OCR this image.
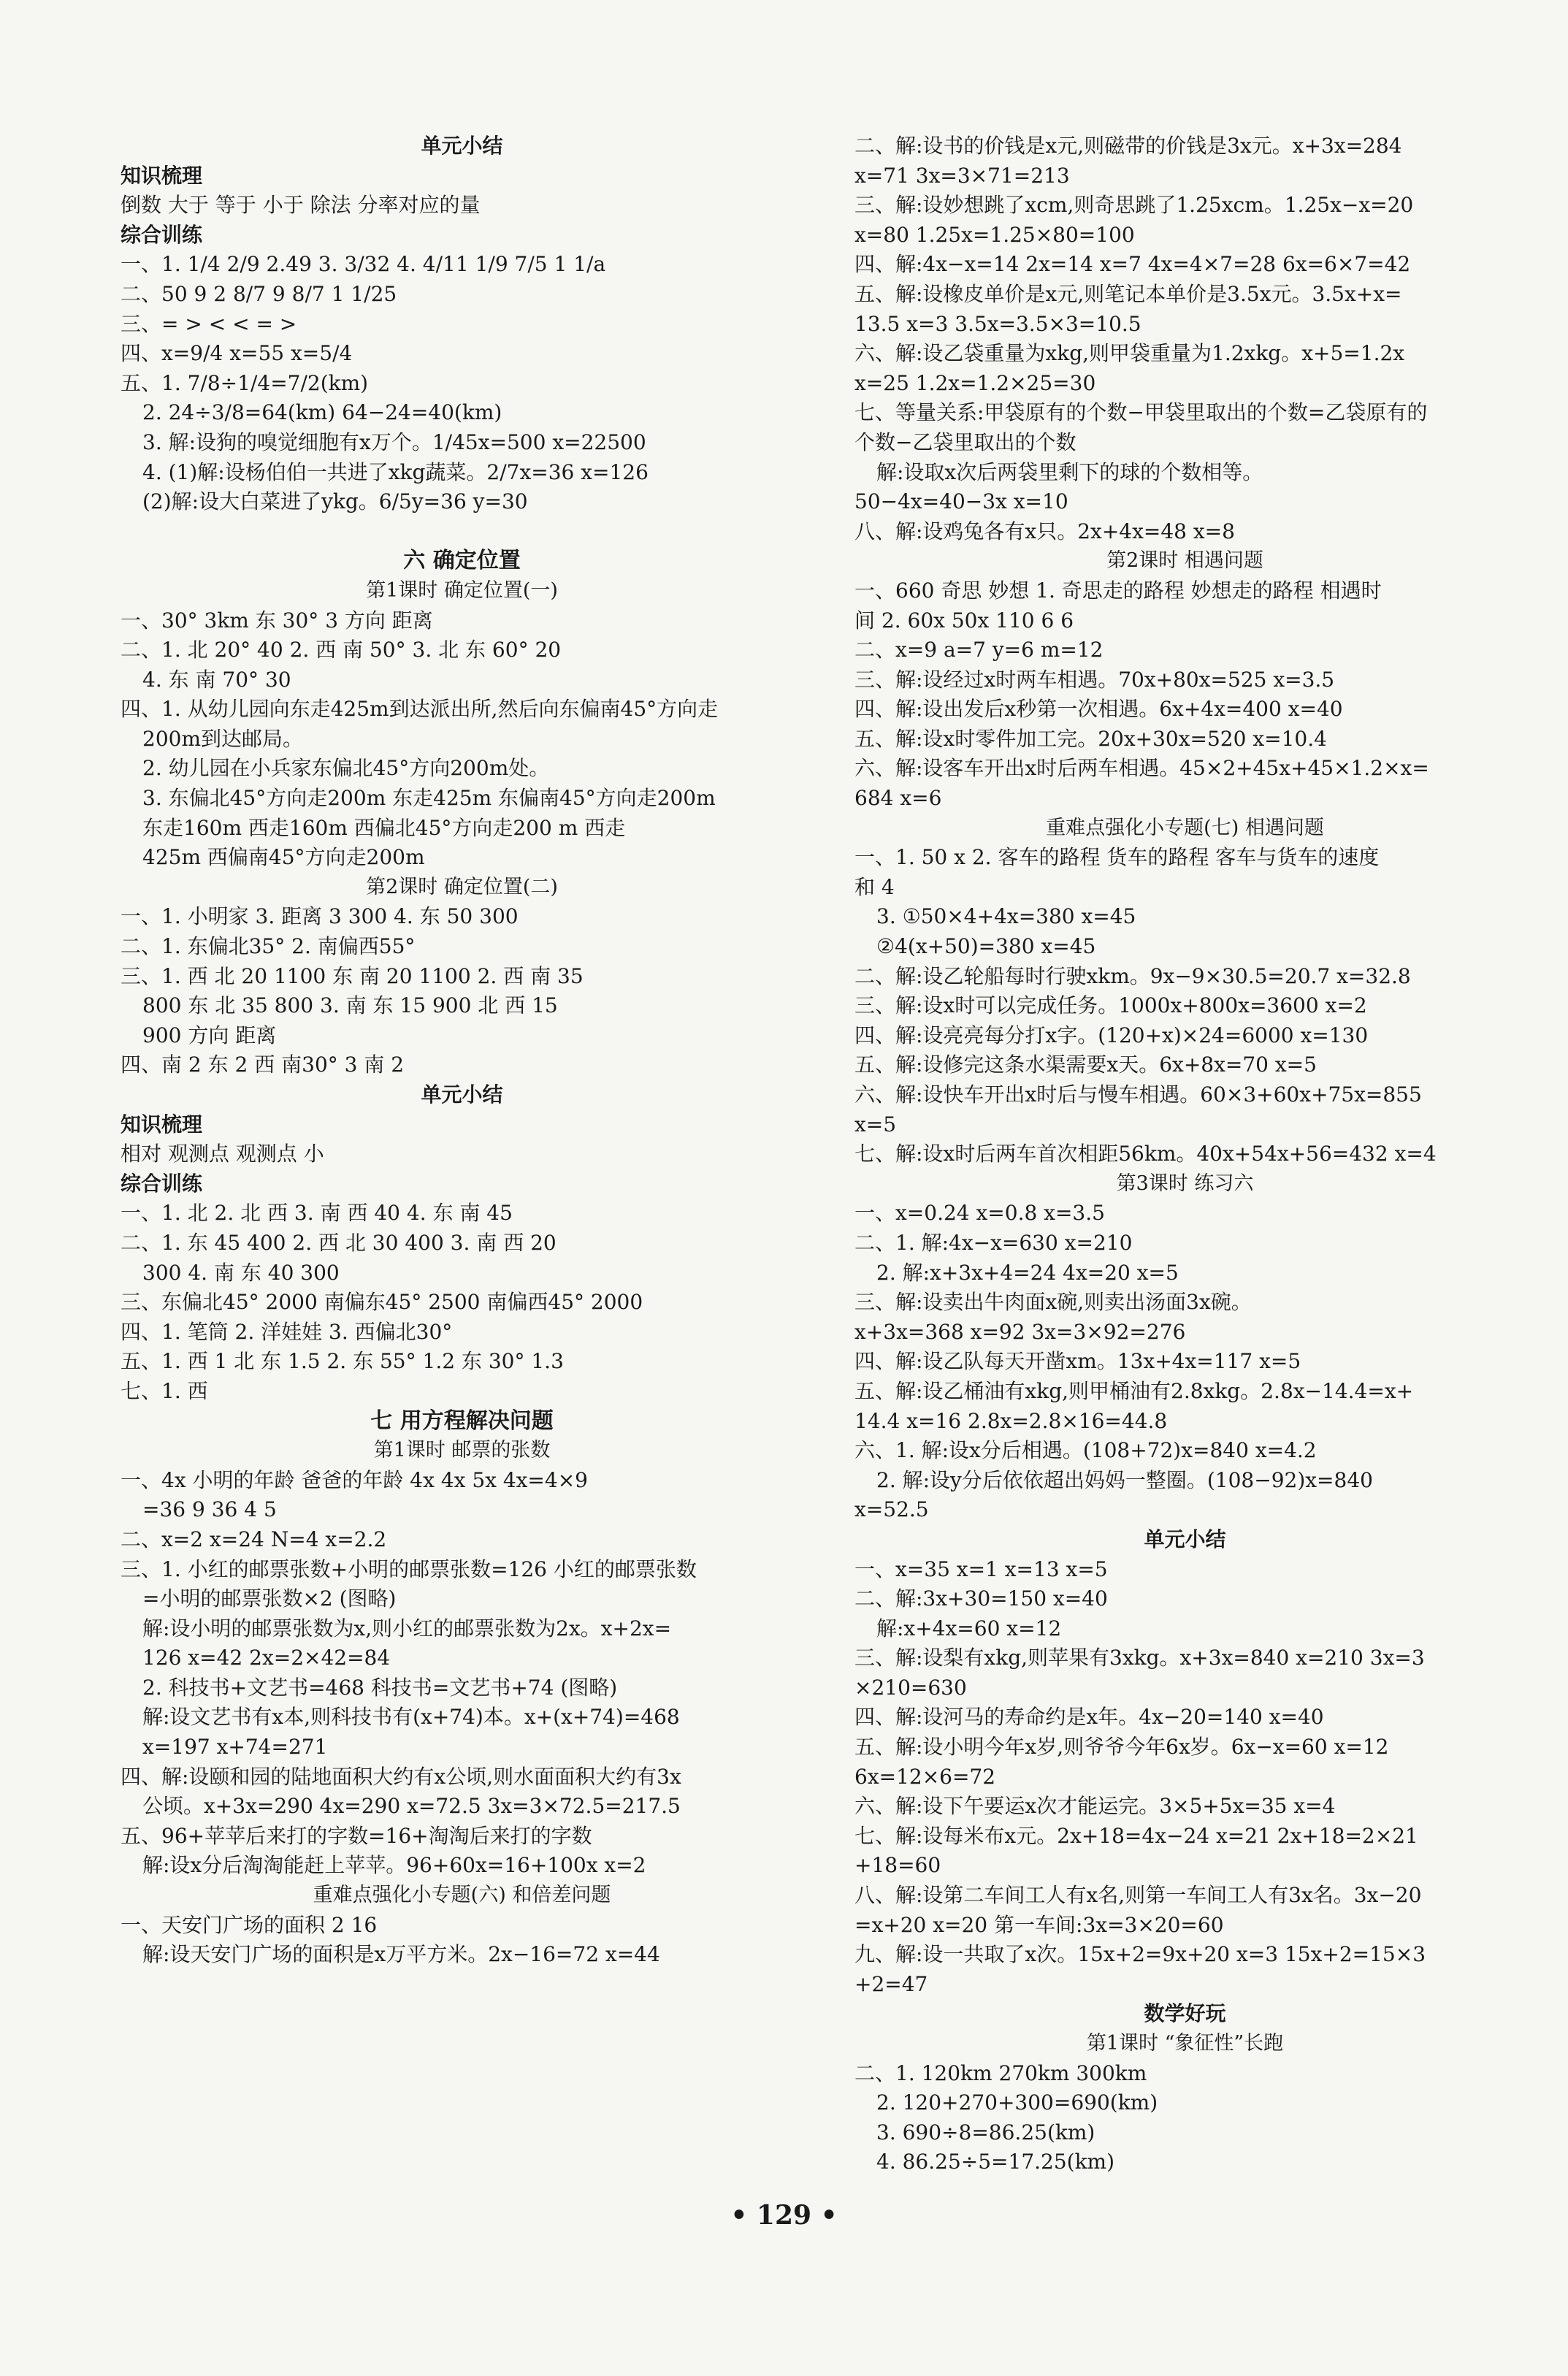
单元小结
知识梳理
倒数 大于 等于 小于 除法 分率对应的量
综合训练
一、1. 1/4 2/9 2.49 3. 3/32 4. 4/11 1/9 7/5 1 1/a
二、50 9 2 8/7 9 8/7 1 1/25
三、= > < < = >
四、x=9/4 x=55 x=5/4
五、1. 7/8÷1/4=7/2(km)
2. 24÷3/8=64(km) 64−24=40(km)
3. 解:设狗的嗅觉细胞有x万个。1/45x=500 x=22500
4. (1)解:设杨伯伯一共进了xkg蔬菜。2/7x=36 x=126
(2)解:设大白菜进了ykg。6/5y=36 y=30
六 确定位置
第1课时 确定位置(一)
一、30° 3km 东 30° 3 方向 距离
二、1. 北 20° 40 2. 西 南 50° 3. 北 东 60° 20
4. 东 南 70° 30
四、1. 从幼儿园向东走425m到达派出所,然后向东偏南45°方向走
200m到达邮局。
2. 幼儿园在小兵家东偏北45°方向200m处。
3. 东偏北45°方向走200m 东走425m 东偏南45°方向走200m
东走160m 西走160m 西偏北45°方向走200 m 西走
425m 西偏南45°方向走200m
第2课时 确定位置(二)
一、1. 小明家 3. 距离 3 300 4. 东 50 300
二、1. 东偏北35° 2. 南偏西55°
三、1. 西 北 20 1100 东 南 20 1100 2. 西 南 35
800 东 北 35 800 3. 南 东 15 900 北 西 15
900 方向 距离
四、南 2 东 2 西 南30° 3 南 2
单元小结
知识梳理
相对 观测点 观测点 小
综合训练
一、1. 北 2. 北 西 3. 南 西 40 4. 东 南 45
二、1. 东 45 400 2. 西 北 30 400 3. 南 西 20
300 4. 南 东 40 300
三、东偏北45° 2000 南偏东45° 2500 南偏西45° 2000
四、1. 笔筒 2. 洋娃娃 3. 西偏北30°
五、1. 西 1 北 东 1.5 2. 东 55° 1.2 东 30° 1.3
七、1. 西
七 用方程解决问题
第1课时 邮票的张数
一、4x 小明的年龄 爸爸的年龄 4x 4x 5x 4x=4×9
=36 9 36 4 5
二、x=2 x=24 N=4 x=2.2
三、1. 小红的邮票张数+小明的邮票张数=126 小红的邮票张数
=小明的邮票张数×2 (图略)
解:设小明的邮票张数为x,则小红的邮票张数为2x。x+2x=
126 x=42 2x=2×42=84
2. 科技书+文艺书=468 科技书=文艺书+74 (图略)
解:设文艺书有x本,则科技书有(x+74)本。x+(x+74)=468
x=197 x+74=271
四、解:设颐和园的陆地面积大约有x公顷,则水面面积大约有3x
公顷。x+3x=290 4x=290 x=72.5 3x=3×72.5=217.5
五、96+苹苹后来打的字数=16+淘淘后来打的字数
解:设x分后淘淘能赶上苹苹。96+60x=16+100x x=2
重难点强化小专题(六) 和倍差问题
一、天安门广场的面积 2 16
解:设天安门广场的面积是x万平方米。2x−16=72 x=44
二、解:设书的价钱是x元,则磁带的价钱是3x元。x+3x=284
x=71 3x=3×71=213
三、解:设妙想跳了xcm,则奇思跳了1.25xcm。1.25x−x=20
x=80 1.25x=1.25×80=100
四、解:4x−x=14 2x=14 x=7 4x=4×7=28 6x=6×7=42
五、解:设橡皮单价是x元,则笔记本单价是3.5x元。3.5x+x=
13.5 x=3 3.5x=3.5×3=10.5
六、解:设乙袋重量为xkg,则甲袋重量为1.2xkg。x+5=1.2x
x=25 1.2x=1.2×25=30
七、等量关系:甲袋原有的个数−甲袋里取出的个数=乙袋原有的
个数−乙袋里取出的个数
解:设取x次后两袋里剩下的球的个数相等。
50−4x=40−3x x=10
八、解:设鸡兔各有x只。2x+4x=48 x=8
第2课时 相遇问题
一、660 奇思 妙想 1. 奇思走的路程 妙想走的路程 相遇时
间 2. 60x 50x 110 6 6
二、x=9 a=7 y=6 m=12
三、解:设经过x时两车相遇。70x+80x=525 x=3.5
四、解:设出发后x秒第一次相遇。6x+4x=400 x=40
五、解:设x时零件加工完。20x+30x=520 x=10.4
六、解:设客车开出x时后两车相遇。45×2+45x+45×1.2×x=
684 x=6
重难点强化小专题(七) 相遇问题
一、1. 50 x 2. 客车的路程 货车的路程 客车与货车的速度
和 4
3. ①50×4+4x=380 x=45
②4(x+50)=380 x=45
二、解:设乙轮船每时行驶xkm。9x−9×30.5=20.7 x=32.8
三、解:设x时可以完成任务。1000x+800x=3600 x=2
四、解:设亮亮每分打x字。(120+x)×24=6000 x=130
五、解:设修完这条水渠需要x天。6x+8x=70 x=5
六、解:设快车开出x时后与慢车相遇。60×3+60x+75x=855
x=5
七、解:设x时后两车首次相距56km。40x+54x+56=432 x=4
第3课时 练习六
一、x=0.24 x=0.8 x=3.5
二、1. 解:4x−x=630 x=210
2. 解:x+3x+4=24 4x=20 x=5
三、解:设卖出牛肉面x碗,则卖出汤面3x碗。
x+3x=368 x=92 3x=3×92=276
四、解:设乙队每天开凿xm。13x+4x=117 x=5
五、解:设乙桶油有xkg,则甲桶油有2.8xkg。2.8x−14.4=x+
14.4 x=16 2.8x=2.8×16=44.8
六、1. 解:设x分后相遇。(108+72)x=840 x=4.2
2. 解:设y分后依依超出妈妈一整圈。(108−92)x=840
x=52.5
单元小结
一、x=35 x=1 x=13 x=5
二、解:3x+30=150 x=40
解:x+4x=60 x=12
三、解:设梨有xkg,则苹果有3xkg。x+3x=840 x=210 3x=3
×210=630
四、解:设河马的寿命约是x年。4x−20=140 x=40
五、解:设小明今年x岁,则爷爷今年6x岁。6x−x=60 x=12
6x=12×6=72
六、解:设下午要运x次才能运完。3×5+5x=35 x=4
七、解:设每米布x元。2x+18=4x−24 x=21 2x+18=2×21
+18=60
八、解:设第二车间工人有x名,则第一车间工人有3x名。3x−20
=x+20 x=20 第一车间:3x=3×20=60
九、解:设一共取了x次。15x+2=9x+20 x=3 15x+2=15×3
+2=47
数学好玩
第1课时 “象征性”长跑
二、1. 120km 270km 300km
2. 120+270+300=690(km)
3. 690÷8=86.25(km)
4. 86.25÷5=17.25(km)
• 129 •
